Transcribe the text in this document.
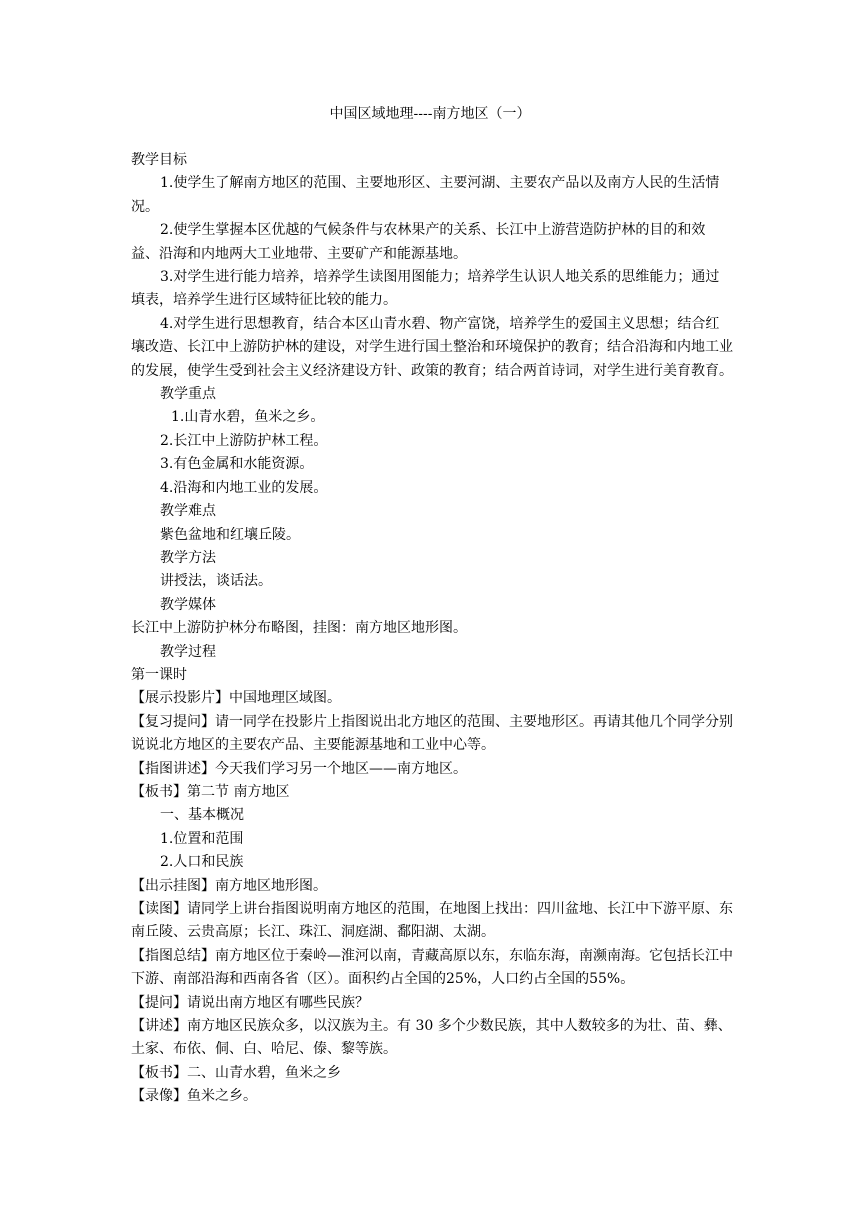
中国区域地理----南方地区（一）

教学目标

1.使学生了解南方地区的范围、主要地形区、主要河湖、主要农产品以及南方人民的生活情况。

2.使学生掌握本区优越的气候条件与农林果产的关系、长江中上游营造防护林的目的和效益、沿海和内地两大工业地带、主要矿产和能源基地。

3.对学生进行能力培养，培养学生读图用图能力；培养学生认识人地关系的思维能力；通过填表，培养学生进行区域特征比较的能力。

4.对学生进行思想教育，结合本区山青水碧、物产富饶，培养学生的爱国主义思想；结合红壤改造、长江中上游防护林的建设，对学生进行国土整治和环境保护的教育；结合沿海和内地工业的发展，使学生受到社会主义经济建设方针、政策的教育；结合两首诗词，对学生进行美育教育。

教学重点

1.山青水碧，鱼米之乡。

2.长江中上游防护林工程。

3.有色金属和水能资源。

4.沿海和内地工业的发展。

教学难点

紫色盆地和红壤丘陵。

教学方法

讲授法，谈话法。

教学媒体

长江中上游防护林分布略图，挂图：南方地区地形图。

教学过程

第一课时

【展示投影片】中国地理区域图。

【复习提问】请一同学在投影片上指图说出北方地区的范围、主要地形区。再请其他几个同学分别说说北方地区的主要农产品、主要能源基地和工业中心等。

【指图讲述】今天我们学习另一个地区——南方地区。

【板书】第二节 南方地区

一、基本概况

1.位置和范围

2.人口和民族

【出示挂图】南方地区地形图。

【读图】请同学上讲台指图说明南方地区的范围，在地图上找出：四川盆地、长江中下游平原、东南丘陵、云贵高原；长江、珠江、洞庭湖、鄱阳湖、太湖。

【指图总结】南方地区位于秦岭—淮河以南，青藏高原以东，东临东海，南濒南海。它包括长江中下游、南部沿海和西南各省（区）。面积约占全国的25%，人口约占全国的55%。

【提问】请说出南方地区有哪些民族？

【讲述】南方地区民族众多，以汉族为主。有 30 多个少数民族，其中人数较多的为壮、苗、彝、土家、布依、侗、白、哈尼、傣、黎等族。

【板书】二、山青水碧，鱼米之乡

【录像】鱼米之乡。
